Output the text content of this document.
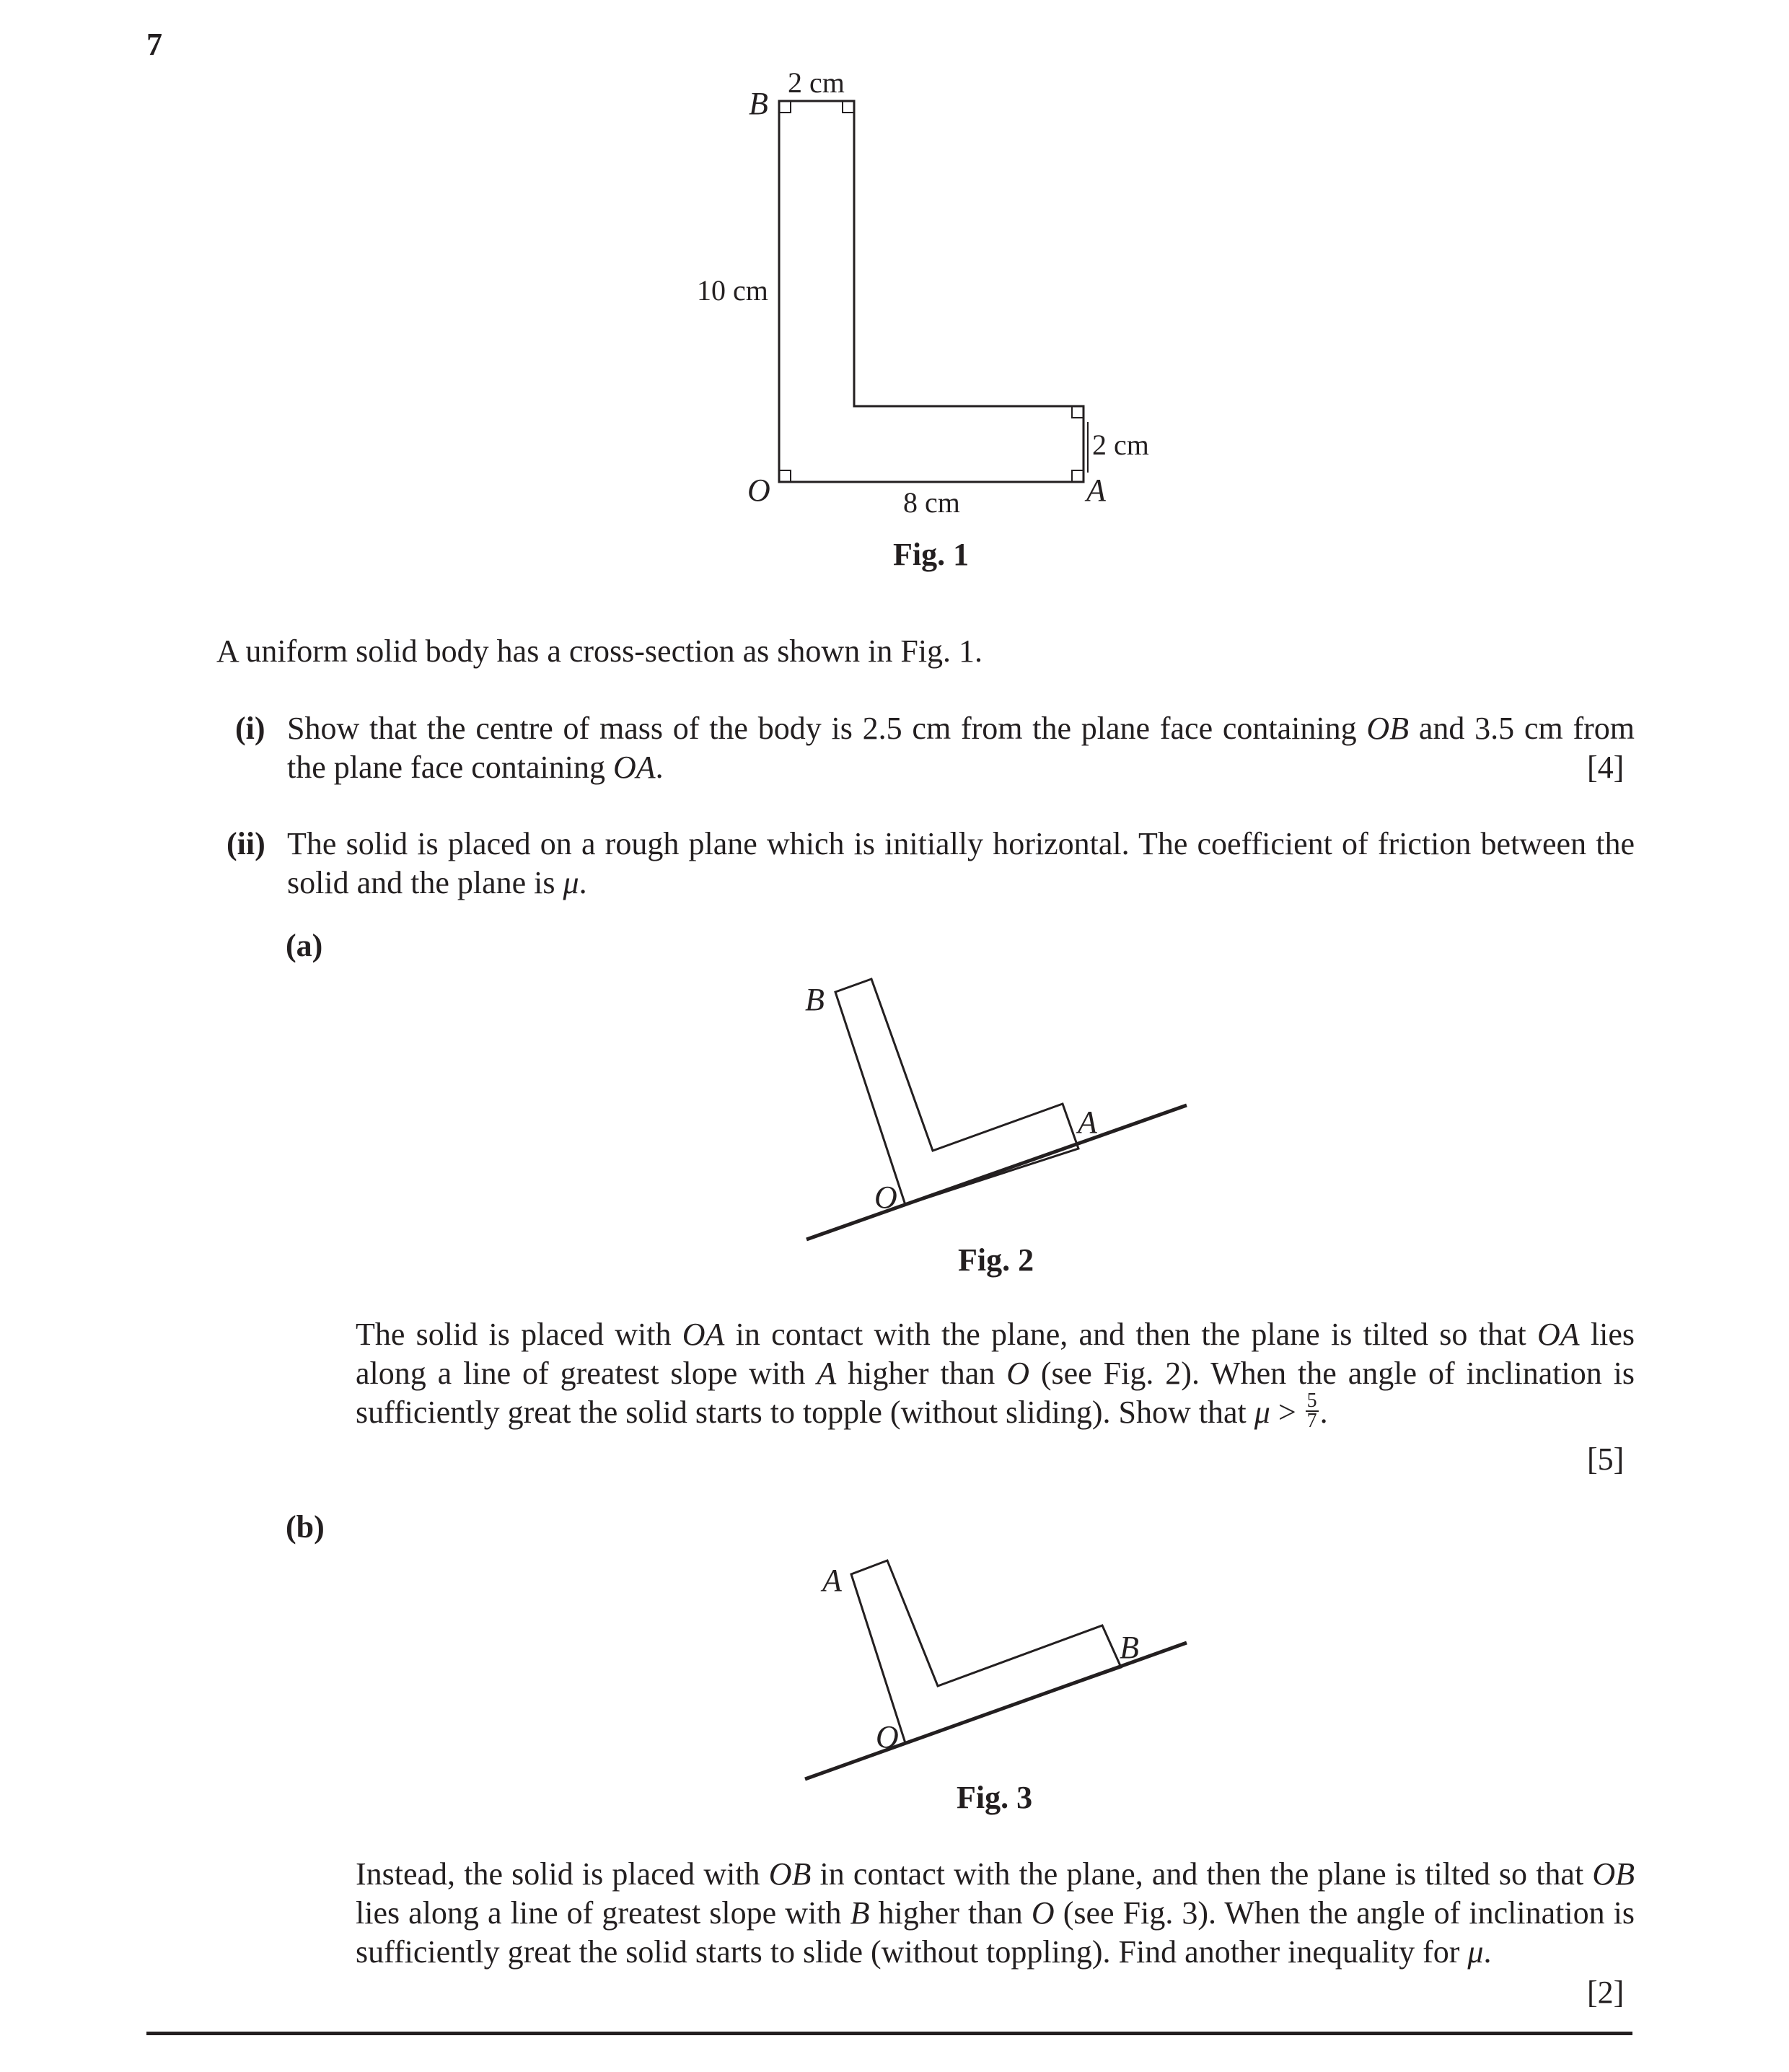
7
2 cm
B
10 cm
2 cm
O	A
8 cm
Fig. 1
B
A
O
Fig. 2
A
B
O
Fig. 3
A uniform solid body has a cross-section as shown in Fig. 1.
(i) Show that the centre of mass of the body is 2.5 cm from the plane face containing OB and 3.5 cm from the plane face containing OA.	[4]
(ii) The solid is placed on a rough plane which is initially horizontal. The coefficient of friction between the solid and the plane is μ.
(a)
The solid is placed with OA in contact with the plane, and then the plane is tilted so that OA lies along a line of greatest slope with A higher than O (see Fig. 2). When the angle of inclination is sufficiently great the solid starts to topple (without sliding). Show that $\mu > \frac{5}{7}$ .
[5]
(b)
Instead, the solid is placed with OB in contact with the plane, and then the plane is tilted so that OB lies along a line of greatest slope with B higher than O (see Fig. 3). When the angle of inclination is sufficiently great the solid starts to slide (without toppling). Find another inequality for μ.
[2]
